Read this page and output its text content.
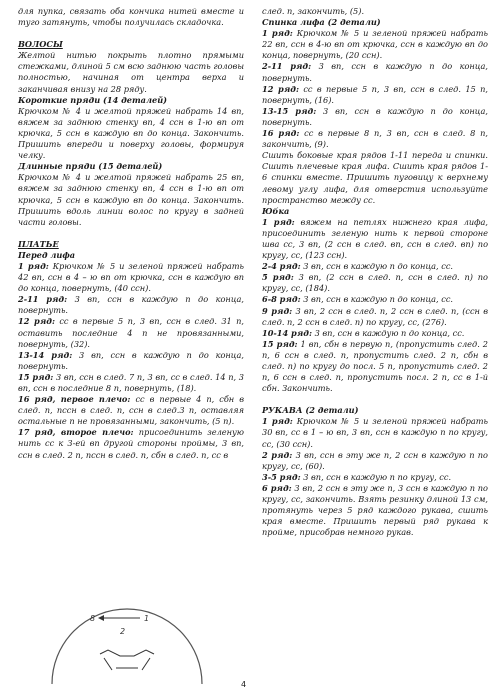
для пупка, связать оба кончика нитей вместе и туго затянуть, чтобы получилась складочка.

ВОЛОСЫ

Желтой нитью покрыть плотно прямыми стежками, длиной 5 см всю заднюю часть головы полностью, начиная от центра верха и заканчивая внизу на 28 ряду.

Короткие пряди (14 деталей)

Крючком № 4 и желтой пряжей набрать 14 вп, вяжем за заднюю стенку вп, 4 ссн в 1-ю вп от крючка, 5 ссн в каждую вп до конца. Закончить. Пришить впереди и поверху головы, формируя челку.

Длинные пряди (15 деталей)

Крючком № 4 и желтой пряжей набрать 25 вп, вяжем за заднюю стенку вп, 4 ссн в 1-ю вп от крючка, 5 ссн в каждую вп до конца. Закончить. Пришить вдоль линии волос по кругу в задней части головы.

ПЛАТЬЕ

Перед лифа

1 ряд: Крючком № 5 и зеленой пряжей набрать 42 вп, ссн в 4 – ю вп от крючка, ссн в каждую вп до конца, повернуть, (40 ссн).

2-11 ряд: 3 вп, ссн в каждую п до конца, повернуть.

12 ряд: сс в первые 5 п, 3 вп, ссн в след. 31 п, оставить последние 4 п не провязанными, повернуть, (32).

13-14 ряд: 3 вп, ссн в каждую п до конца, повернуть.

15 ряд: 3 вп, ссн в след. 7 п, 3 вп, сс в след. 14 п, 3 вп, ссн в последние 8 п, повернуть, (18).

16 ряд, первое плечо: сс в первые 4 п, сбн в след. п, пссн в след. п, ссн в след.3 п, оставляя остальные п не провязанными, закончить, (5 п).

17 ряд, второе плечо: присоединить зеленую нить сс к 3-ей вп другой стороны проймы, 3 вп, ссн в след. 2 п, пссн в след. п, сбн в след. п, сс в

след. п, закончить, (5).

Спинка лифа (2 детали)

1 ряд: Крючком № 5 и зеленой пряжей набрать 22 вп, ссн в 4-ю вп от крючка, ссн в каждую вп до конца, повернуть, (20 ссн).

2-11 ряд: 3 вп, ссн в каждую п до конца, повернуть.

12 ряд: сс в первые 5 п, 3 вп, ссн в след. 15 п, повернуть, (16).

13-15 ряд: 3 вп, ссн в каждую п до конца, повернуть.

16 ряд: сс в первые 8 п, 3 вп, ссн в след. 8 п, закончить, (9).

Сшить боковые края рядов 1-11 переда и спинки. Сшить плечевые края лифа. Сшить края рядов 1-6 спинки вместе. Пришить пуговицу к верхнему левому углу лифа, для отверстия используйте пространство между сс.

Юбка

1 ряд: вяжем на петлях нижнего края лифа, присоединить зеленую нить к первой стороне шва сс, 3 вп, (2 ссн в след. вп, ссн в след. вп) по кругу, сс, (123 ссн).

2-4 ряд: 3 вп, ссн в каждую п до конца, сс.

5 ряд: 3 вп, (2 ссн в след. п, ссн в след. п) по кругу, сс, (184).

6-8 ряд: 3 вп, ссн в каждую п до конца, сс.

9 ряд: 3 вп, 2 ссн в след. п, 2 ссн в след. п, (ссн в след. п, 2 ссн в след. п) по кругу, сс, (276).

10-14 ряд: 3 вп, ссн в каждую п до конца, сс.

15 ряд: 1 вп, сбн в первую п, (пропустить след. 2 п, 6 ссн в след. п, пропустить след. 2 п, сбн в след. п) по кругу до посл. 5 п, пропустить след. 2 п, 6 ссн в след. п, пропустить посл. 2 п, сс в 1-й сбн. Закончить.

РУКАВА (2 детали)

1 ряд: Крючком № 5 и зеленой пряжей набрать 30 вп, сс в 1 – ю вп, 3 вп, ссн в каждую п по кругу, сс, (30 ссн).

2 ряд: 3 вп, ссн в эту же п, 2 ссн в каждую п по кругу, сс, (60).

3-5 ряд: 3 вп, ссн в каждую п по кругу, сс.

6 ряд: 3 вп, 2 ссн в эту же п, 3 ссн в каждую п по кругу, сс, закончить. Взять резинку длиной 13 см, протянуть через 5 ряд каждого рукава, сшить края вместе. Пришить первый ряд рукава к пройме, присобрав немного рукав.

8	1
2
4
